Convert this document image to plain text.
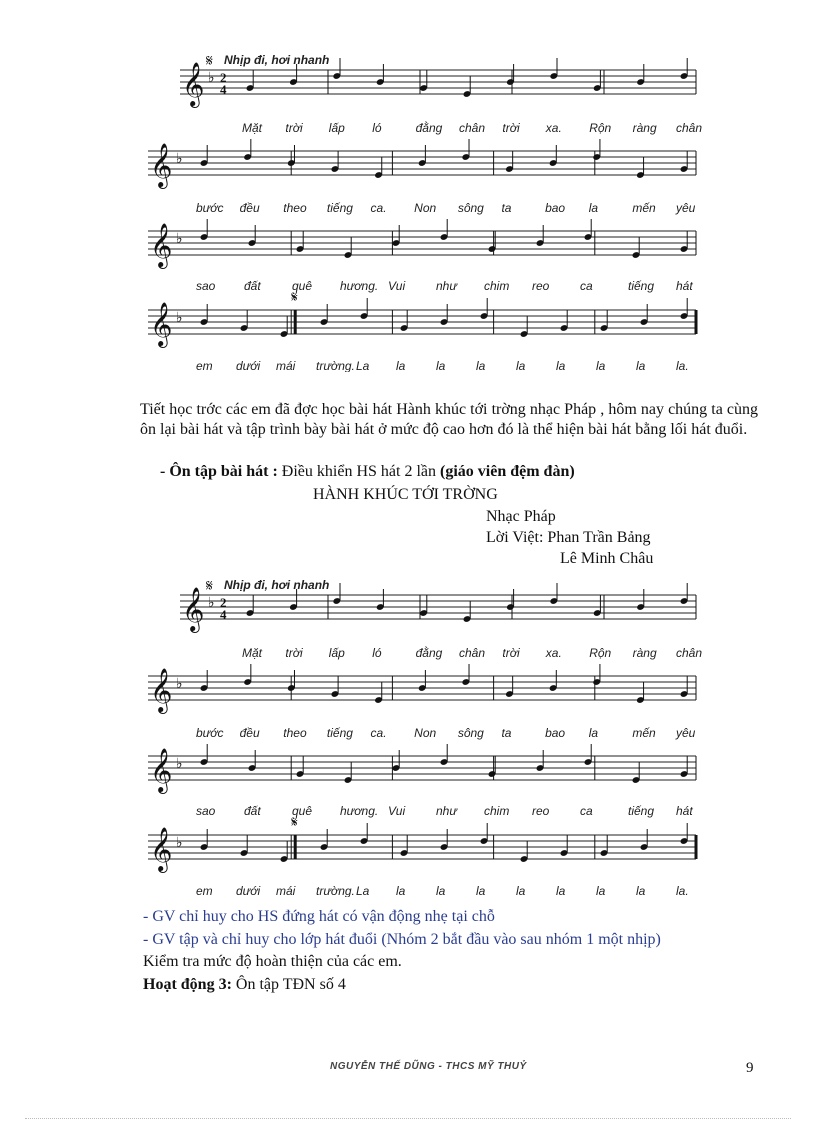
𝄋 Nhịp đi, hơi nhanh
𝄞 ♭ 2
4
Mặt trời lấp ló	đằng chân trời xa. Rộn ràng chân
𝄞 ♭
bước đều theo tiếng ca. Non sông ta	bao la	mến yêu
𝄞 ♭
sao đất	quê hương. Vui	như chim reo	ca	tiếng hát
𝄞 ♭
𝄋
em dưới mái trường. La la	la	la	la	la	la	la	la.
Tiết học trớc các em đã đợc học bài hát Hành khúc tới trờng nhạc Pháp , hôm nay chúng ta cùng ôn lại bài hát và tập trình bày bài hát ở mức độ cao hơn đó là thể hiện bài hát bằng lối hát đuổi.
- Ôn tập bài hát : Điều khiển HS hát 2 lần (giáo viên đệm đàn)
HÀNH KHÚC TỚI TRỜNG
Nhạc Pháp
Lời Việt: Phan Trần Bảng
Lê Minh Châu
𝄋 Nhịp đi, hơi nhanh
𝄞 ♭ 2
4
Mặt trời lấp ló	đằng chân trời xa. Rộn ràng chân
𝄞 ♭
bước đều theo tiếng ca. Non sông ta	bao la	mến yêu
𝄞 ♭
sao đất	quê hương. Vui	như chim reo	ca	tiếng hát
𝄞 ♭
𝄋
em dưới mái trường. La la	la	la	la	la	la	la	la.
- GV chỉ huy cho HS đứng hát có vận động nhẹ tại chỗ
- GV tập và chỉ huy cho lớp hát đuổi (Nhóm 2 bắt đầu vào sau nhóm 1 một nhịp)
Kiểm tra mức độ hoàn thiện của các em.
Hoạt động 3: Ôn tập TĐN số 4
NGUYỄN THẾ DŨNG - THCS MỸ THUỶ	9
